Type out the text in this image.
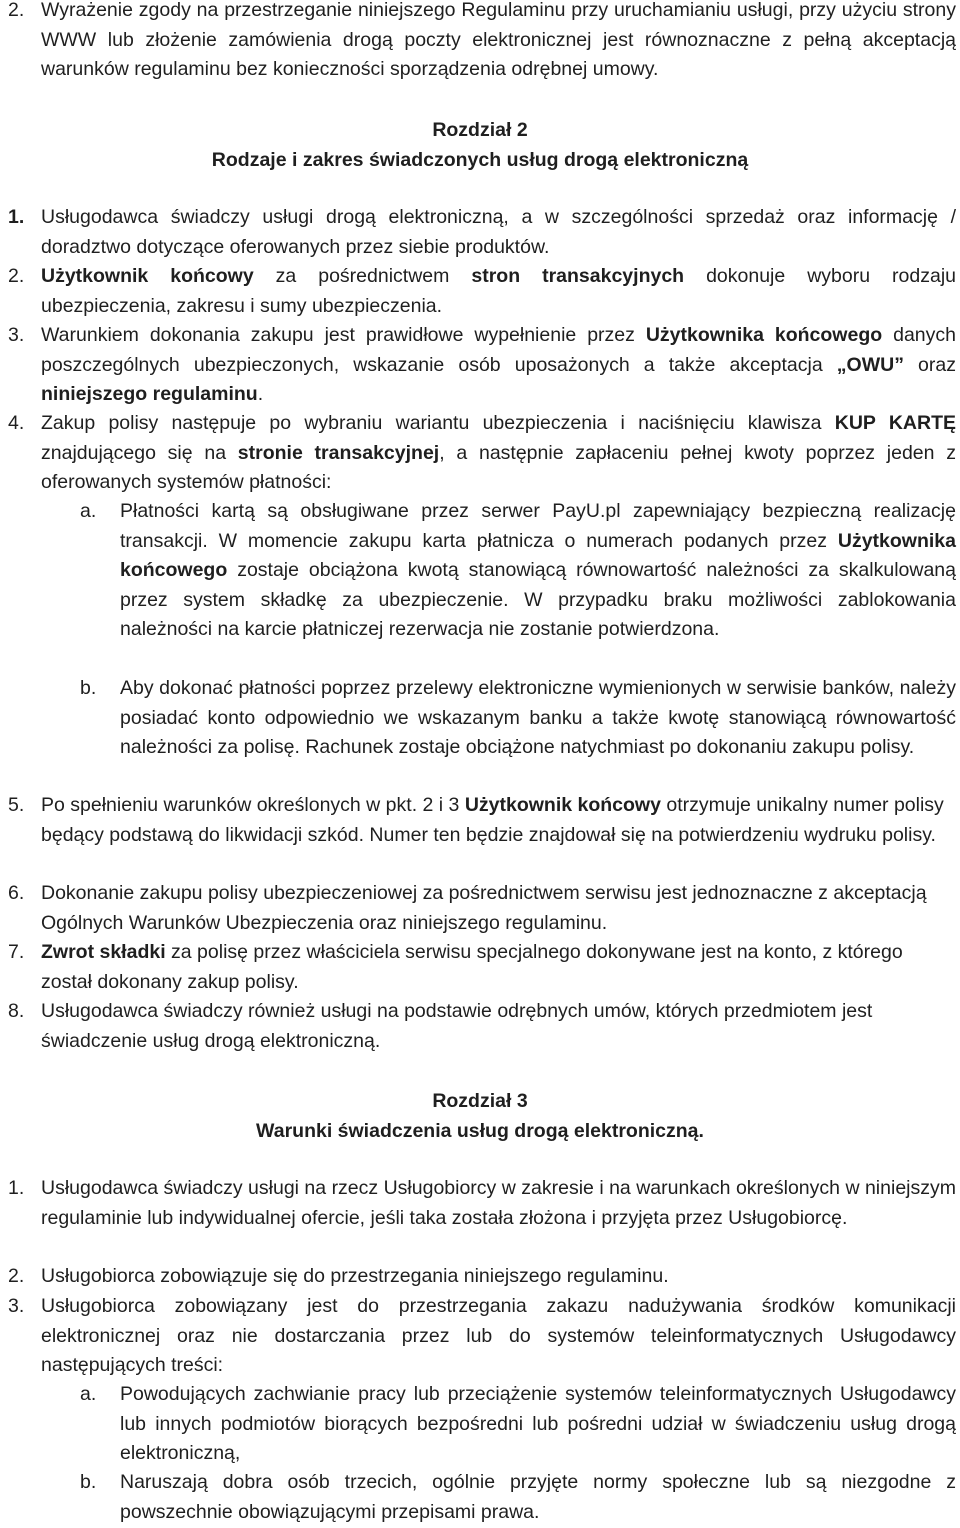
2. Wyrażenie zgody na przestrzeganie niniejszego Regulaminu przy uruchamianiu usługi, przy użyciu strony WWW lub złożenie zamówienia drogą poczty elektronicznej jest równoznaczne z pełną akceptacją warunków regulaminu bez konieczności sporządzenia odrębnej umowy.
Rozdział 2
Rodzaje i zakres świadczonych usług drogą elektroniczną
1. Usługodawca świadczy usługi drogą elektroniczną, a w szczególności sprzedaż oraz informację / doradztwo dotyczące oferowanych przez siebie produktów.
2. Użytkownik końcowy za pośrednictwem stron transakcyjnych dokonuje wyboru rodzaju ubezpieczenia, zakresu i sumy ubezpieczenia.
3. Warunkiem dokonania zakupu jest prawidłowe wypełnienie przez Użytkownika końcowego danych poszczególnych ubezpieczonych, wskazanie osób uposażonych a także akceptacja „OWU” oraz niniejszego regulaminu.
4. Zakup polisy następuje po wybraniu wariantu ubezpieczenia i naciśnięciu klawisza KUP KARTĘ znajdującego się na stronie transakcyjnej, a następnie zapłaceniu pełnej kwoty poprzez jeden z oferowanych systemów płatności:
a.	Płatności kartą są obsługiwane przez serwer PayU.pl zapewniający bezpieczną realizację transakcji. W momencie zakupu karta płatnicza o numerach podanych przez Użytkownika końcowego zostaje obciążona kwotą stanowiącą równowartość należności za skalkulowaną przez system składkę za ubezpieczenie. W przypadku braku możliwości zablokowania należności na karcie płatniczej rezerwacja nie zostanie potwierdzona.
b.	Aby dokonać płatności poprzez przelewy elektroniczne wymienionych w serwisie banków, należy posiadać konto odpowiednio we wskazanym banku a także kwotę stanowiącą równowartość należności za polisę. Rachunek zostaje obciążone natychmiast po dokonaniu zakupu polisy.
5. Po spełnieniu warunków określonych w pkt. 2 i 3 Użytkownik końcowy otrzymuje unikalny numer polisy będący podstawą do likwidacji szkód. Numer ten będzie znajdował się na potwierdzeniu wydruku polisy.
6. Dokonanie zakupu polisy ubezpieczeniowej za pośrednictwem serwisu jest jednoznaczne z akceptacją Ogólnych Warunków Ubezpieczenia oraz niniejszego regulaminu.
7. Zwrot składki za polisę przez właściciela serwisu specjalnego dokonywane jest na konto, z którego został dokonany zakup polisy.
8. Usługodawca świadczy również usługi na podstawie odrębnych umów, których przedmiotem jest świadczenie usług drogą elektroniczną.
Rozdział 3
Warunki świadczenia usług drogą elektroniczną.
1. Usługodawca świadczy usługi na rzecz Usługobiorcy w zakresie i na warunkach określonych w niniejszym regulaminie lub indywidualnej ofercie, jeśli taka została złożona i przyjęta przez Usługobiorcę.
2. Usługobiorca zobowiązuje się do przestrzegania niniejszego regulaminu.
3. Usługobiorca zobowiązany jest do przestrzegania zakazu nadużywania środków komunikacji elektronicznej oraz nie dostarczania przez lub do systemów teleinformatycznych Usługodawcy następujących treści:
a.	Powodujących zachwianie pracy lub przeciążenie systemów teleinformatycznych Usługodawcy lub innych podmiotów biorących bezpośredni lub pośredni udział w świadczeniu usług drogą elektroniczną,
b.	Naruszają dobra osób trzecich, ogólnie przyjęte normy społeczne lub są niezgodne z powszechnie obowiązującymi przepisami prawa.
